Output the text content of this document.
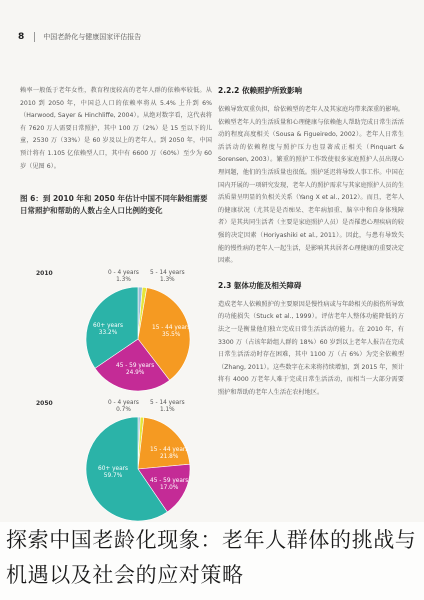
8	中国老龄化与健康国家评估报告

赖率一般低于老年女性，教育程度较高的老年人群的依赖率较低。从 2010 到 2050 年，中国总人口的依赖率将从 5.4% 上升到 6%（Harwood, Sayer & Hinchliffe, 2004）。从绝对数字看，这代表将有 7620 万人需要日常照护，其中 100 万（2%）是 15 至以下的儿童，2530 万（33%）是 60 岁及以上的老年人。到 2050 年，中国预计将有 1.105 亿依赖型人口，其中有 6600 万（60%）至少为 60 岁（见图 6）。

图 6：到 2010 年和 2050 年估计中国不同年龄组需要日常照护和帮助的人数占全人口比例的变化

2010
2050
0 - 4 years
1.3%
5 - 14 years
1.3%
15 - 44 years
35.5%
45 - 59 years
24.9%
60+ years
33.2%
0 - 4 years
0.7%
5 - 14 years
1.1%
15 - 44 years
21.8%
45 - 59 years
17.0%
60+ years
59.7%

2.2.2 依赖照护所致影响

依赖导致双重负担，给依赖型的老年人及其家庭均带来深重的影响。依赖型老年人的生活质量和心理健康与依赖他人帮助完成日常生活活动的程度高度相关（Sousa & Figueiredo, 2002）。老年人日常生活活动的依赖程度与照护压力也显著成正相关（Pinquart & Sorensen, 2003）。繁重的照护工作致使很多家庭照护人员出现心理问题，他们的生活质量也很低。照护延迟将导致人事工作。中国在国内开展的一项研究发现，老年人的照护需求与其家庭照护人员的生活质量呈明显的负相关关系（Yang X et al., 2012）。而且，老年人的健康状况（尤其是是否痴呆、老年病加重、脑卒中和自身体残障者）是其共同生活者（主要是家庭照护人员）是否罹患心理疾病的较强的决定因素（Horiyashiki et al., 2011）。因此，与患有导致失能的慢性病的老年人一起生活，是影响其共居者心理健康的重要决定因素。

2.3 躯体功能及相关障碍

造成老年人依赖照护的主要原因是慢性病或与年龄相关的损伤所导致的功能损失（Stuck et al., 1999）。评估老年人整体功能降低的方法之一是衡量他们独立完成日常生活活动的能力。在 2010 年，有 3300 万（占该年龄组人群的 18%）60 岁到以上老年人报告在完成日常生活活动时存在困难，其中 1100 万（占 6%）为完全依赖型（Zhang, 2011）。这些数字在未来将持续增加，到 2015 年，预计将有 4000 万老年人难于完成日常生活活动，而相当一大部分需要照护和帮助的老年人生活在农村地区。

探索中国老龄化现象：老年人群体的挑战与机遇以及社会的应对策略
